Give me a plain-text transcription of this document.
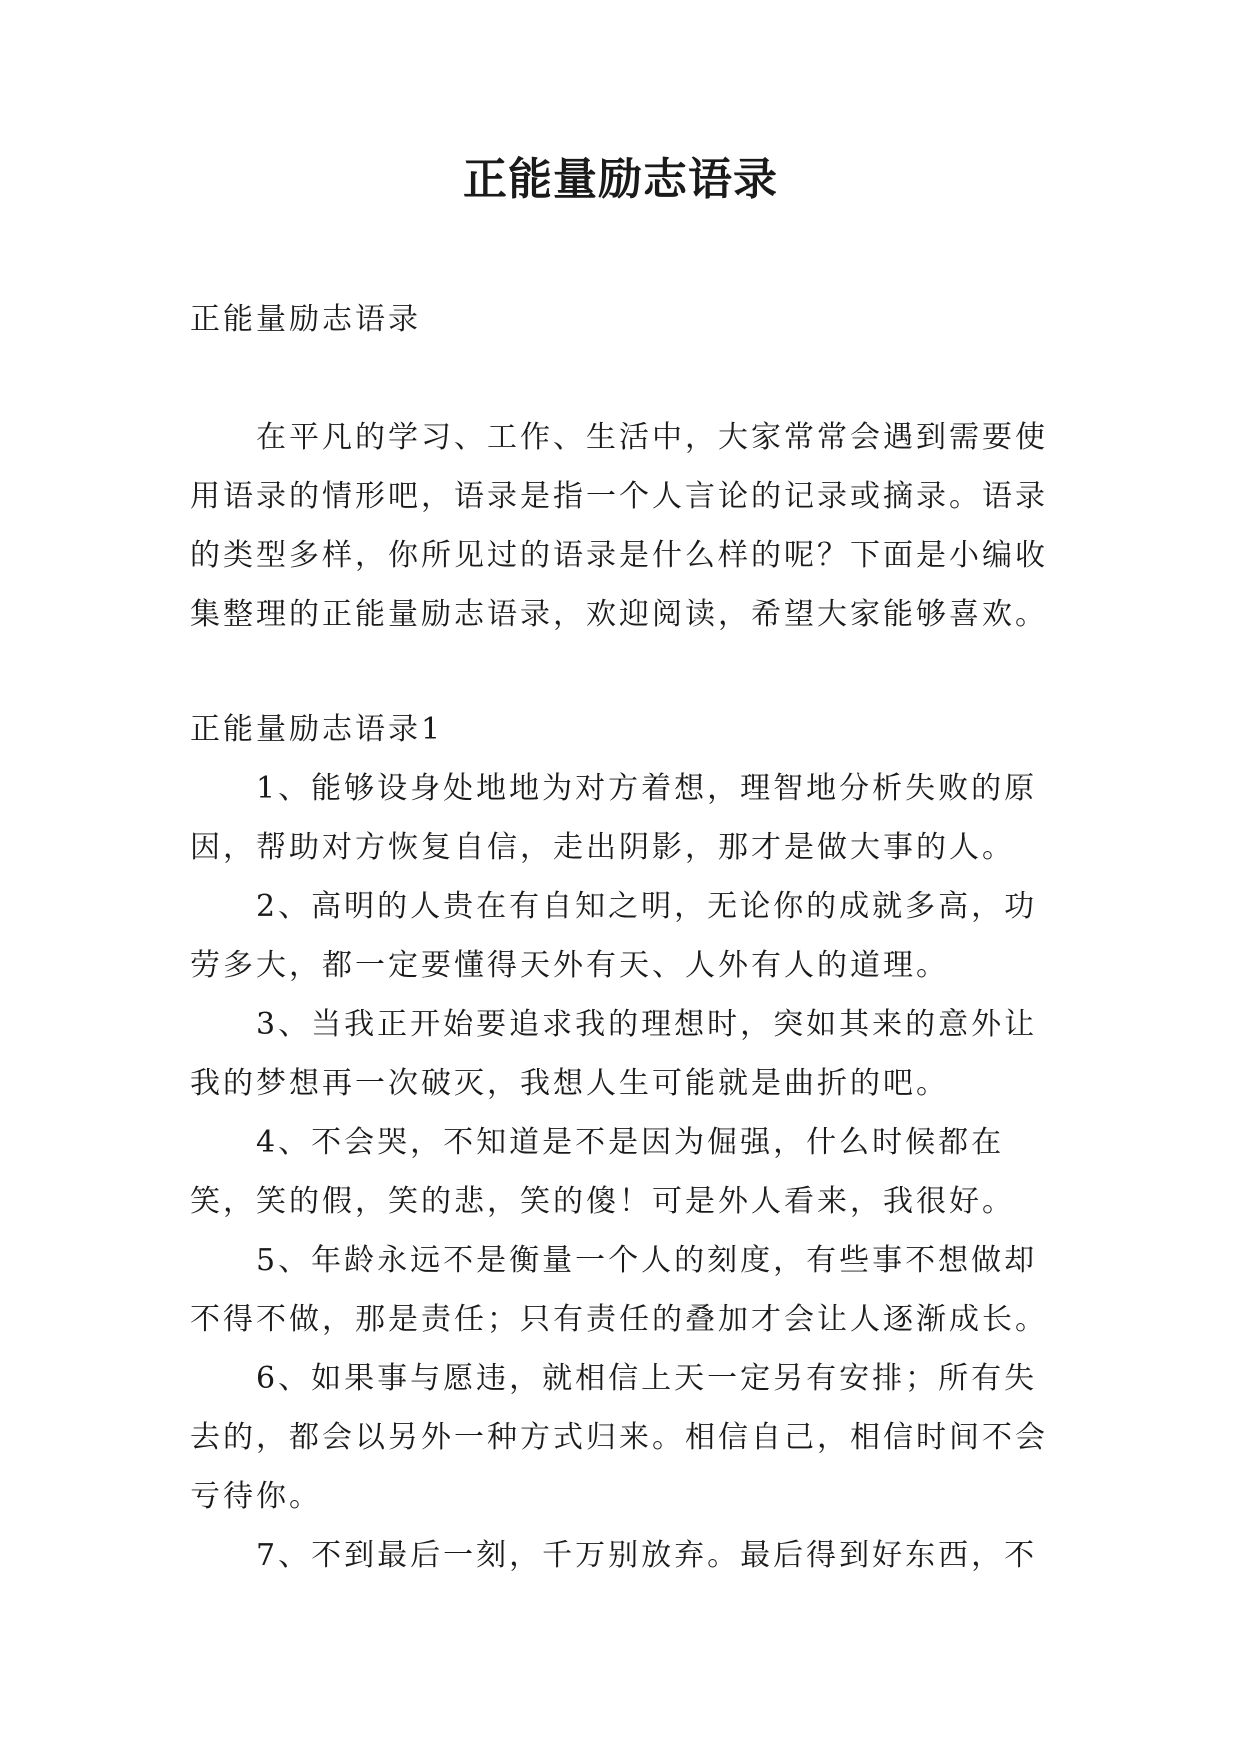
正能量励志语录

正能量励志语录

在平凡的学习、工作、生活中，大家常常会遇到需要使用语录的情形吧，语录是指一个人言论的记录或摘录。语录的类型多样，你所见过的语录是什么样的呢？下面是小编收集整理的正能量励志语录，欢迎阅读，希望大家能够喜欢。

正能量励志语录1

1、能够设身处地地为对方着想，理智地分析失败的原因，帮助对方恢复自信，走出阴影，那才是做大事的人。

2、高明的人贵在有自知之明，无论你的成就多高，功劳多大，都一定要懂得天外有天、人外有人的道理。

3、当我正开始要追求我的理想时，突如其来的意外让我的梦想再一次破灭，我想人生可能就是曲折的吧。

4、不会哭，不知道是不是因为倔强，什么时候都在笑，笑的假，笑的悲，笑的傻！可是外人看来，我很好。

5、年龄永远不是衡量一个人的刻度，有些事不想做却不得不做，那是责任；只有责任的叠加才会让人逐渐成长。

6、如果事与愿违，就相信上天一定另有安排；所有失去的，都会以另外一种方式归来。相信自己，相信时间不会亏待你。

7、不到最后一刻，千万别放弃。最后得到好东西，不
